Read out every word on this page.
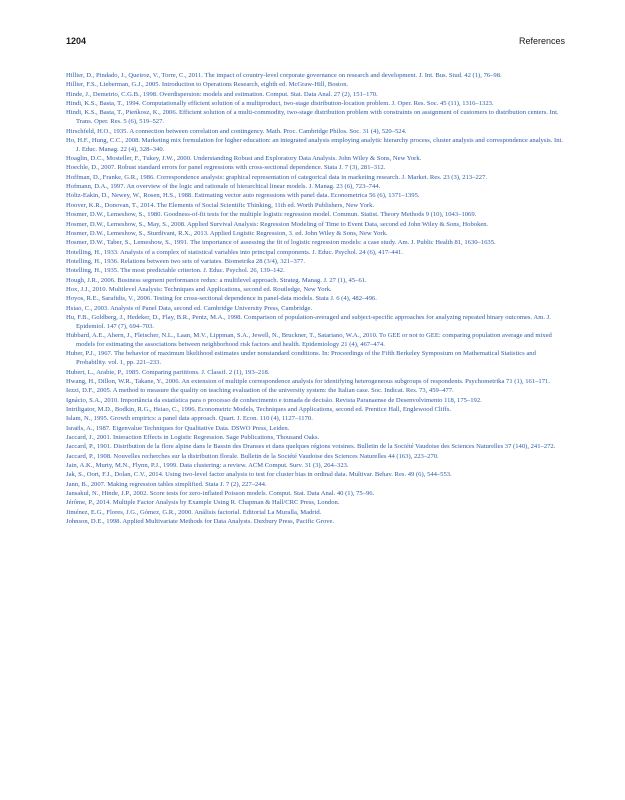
1204	References
Hillier, D., Pindado, J., Queiroz, V., Torre, C., 2011. The impact of country-level corporate governance on research and development. J. Int. Bus. Stud. 42 (1), 76–98.
Hillier, F.S., Lieberman, G.J., 2005. Introduction to Operations Research, eighth ed. McGraw-Hill, Boston.
Hinde, J., Demetrio, C.G.B., 1998. Overdispersion: models and estimation. Comput. Stat. Data Anal. 27 (2), 151–170.
Hindi, K.S., Basta, T., 1994. Computationally efficient solution of a multiproduct, two-stage distribution-location problem. J. Oper. Res. Soc. 45 (11), 1316–1323.
Hindi, K.S., Basta, T., Pieńkosz, K., 2006. Efficient solution of a multi-commodity, two-stage distribution problem with constraints on assignment of customers to distribution centers. Int. Trans. Oper. Res. 5 (6), 519–527.
Hirschfeld, H.O., 1935. A connection between correlation and contingency. Math. Proc. Cambridge Philos. Soc. 31 (4), 520–524.
Ho, H.F., Hung, C.C., 2008. Marketing mix formulation for higher education: an integrated analysis employing analytic hierarchy process, cluster analysis and correspondence analysis. Int. J. Educ. Manag. 22 (4), 328–340.
Hoaglin, D.C., Mosteller, F., Tukey, J.W., 2000. Understanding Robust and Exploratory Data Analysis. John Wiley & Sons, New York.
Hoechle, D., 2007. Robust standard errors for panel regressions with cross-sectional dependence. Stata J. 7 (3), 281–312.
Hoffman, D., Franke, G.R., 1986. Correspondence analysis: graphical representation of categorical data in marketing research. J. Market. Res. 23 (3), 213–227.
Hofmann, D.A., 1997. An overview of the logic and rationale of hierarchical linear models. J. Manag. 23 (6), 723–744.
Holtz-Eakin, D., Newey, W., Rosen, H.S., 1988. Estimating vector auto regressions with panel data. Econometrica 56 (6), 1371–1395.
Hoover, K.R., Donovan, T., 2014. The Elements of Social Scientific Thinking, 11th ed. Worth Publishers, New York.
Hosmer, D.W., Lemeshow, S., 1980. Goodness-of-fit tests for the multiple logistic regression model. Commun. Statist. Theory Methods 9 (10), 1043–1069.
Hosmer, D.W., Lemeshow, S., May, S., 2008. Applied Survival Analysis: Regression Modeling of Time to Event Data, second ed John Wiley & Sons, Hoboken.
Hosmer, D.W., Lemeshow, S., Sturdivant, R.X., 2013. Applied Logistic Regression, 3. ed. John Wiley & Sons, New York.
Hosmer, D.W., Taber, S., Lemeshow, S., 1991. The importance of assessing the fit of logistic regression models: a case study. Am. J. Public Health 81, 1630–1635.
Hotelling, H., 1933. Analysis of a complex of statistical variables into principal components. J. Educ. Psychol. 24 (6), 417–441.
Hotelling, H., 1936. Relations between two sets of variates. Biometrika 28 (3/4), 321–377.
Hotelling, H., 1935. The most predictable criterion. J. Educ. Psychol. 26, 139–142.
Hough, J.R., 2006. Business segment performance redux: a multilevel approach. Strateg. Manag. J. 27 (1), 45–61.
Hox, J.J., 2010. Multilevel Analysis: Techniques and Applications, second ed. Routledge, New York.
Hoyos, R.E., Sarafidis, V., 2006. Testing for cross-sectional dependence in panel-data models. Stata J. 6 (4), 482–496.
Hsiao, C., 2003. Analysis of Panel Data, second ed. Cambridge University Press, Cambridge.
Hu, F.B., Goldberg, J., Hedeker, D., Flay, B.R., Pentz, M.A., 1998. Comparison of population-averaged and subject-specific approaches for analyzing repeated binary outcomes. Am. J. Epidemiol. 147 (7), 694–703.
Hubbard, A.E., Ahern, J., Fleischer, N.L., Laan, M.V., Lippman, S.A., Jewell, N., Bruckner, T., Satariano, W.A., 2010. To GEE or not to GEE: comparing population average and mixed models for estimating the associations between neighborhood risk factors and health. Epidemiology 21 (4), 467–474.
Huber, P.J., 1967. The behavior of maximum likelihood estimates under nonstandard conditions. In: Proceedings of the Fifth Berkeley Symposium on Mathematical Statistics and Probability. vol. 1, pp. 221–233.
Hubert, L., Arabie, P., 1985. Comparing partitions. J. Classif. 2 (1), 193–218.
Hwang, H., Dillon, W.R., Takane, Y., 2006. An extension of multiple correspondence analysis for identifying heterogeneous subgroups of respondents. Psychometrika 71 (1), 161–171.
Iezzi, D.F., 2005. A method to measure the quality on teaching evaluation of the university system: the Italian case. Soc. Indicat. Res. 73, 459–477.
Ignácio, S.A., 2010. Importância da estatística para o processo de conhecimento e tomada de decisão. Revista Paranaense de Desenvolvimento 118, 175–192.
Intriligator, M.D., Bodkin, R.G., Hsiao, C., 1996. Econometric Models, Techniques and Applications, second ed. Prentice Hall, Englewood Cliffs.
Islam, N., 1995. Growth empirics: a panel data approach. Quart. J. Econ. 110 (4), 1127–1170.
Israëls, A., 1987. Eigenvalue Techniques for Qualitative Data. DSWO Press, Leiden.
Jaccard, J., 2001. Interaction Effects in Logistic Regression. Sage Publications, Thousand Oaks.
Jaccard, P., 1901. Distribution de la flore alpine dans le Bassin des Dranses et dans quelques régions voisines. Bulletin de la Société Vaudoise des Sciences Naturelles 37 (140), 241–272.
Jaccard, P., 1908. Nouvelles recherches sur la distribution florale. Bulletin de la Société Vaudoise des Sciences Naturelles 44 (163), 223–270.
Jain, A.K., Murty, M.N., Flynn, P.J., 1999. Data clustering: a review. ACM Comput. Surv. 31 (3), 264–323.
Jak, S., Oort, F.J., Dolan, C.V., 2014. Using two-level factor analysis to test for cluster bias in ordinal data. Multivar. Behav. Res. 49 (6), 544–553.
Jann, B., 2007. Making regression tables simplified. Stata J. 7 (2), 227–244.
Jansakul, N., Hinde, J.P., 2002. Score tests for zero-inflated Poisson models. Comput. Stat. Data Anal. 40 (1), 75–96.
Jérôme, P., 2014. Multiple Factor Analysis by Example Using R. Chapman & Hall/CRC Press, London.
Jiménez, E.G., Flores, J.G., Gómez, G.R., 2000. Análisis factorial. Editorial La Muralla, Madrid.
Johnson, D.E., 1998. Applied Multivariate Methods for Data Analysts. Duxbury Press, Pacific Grove.
